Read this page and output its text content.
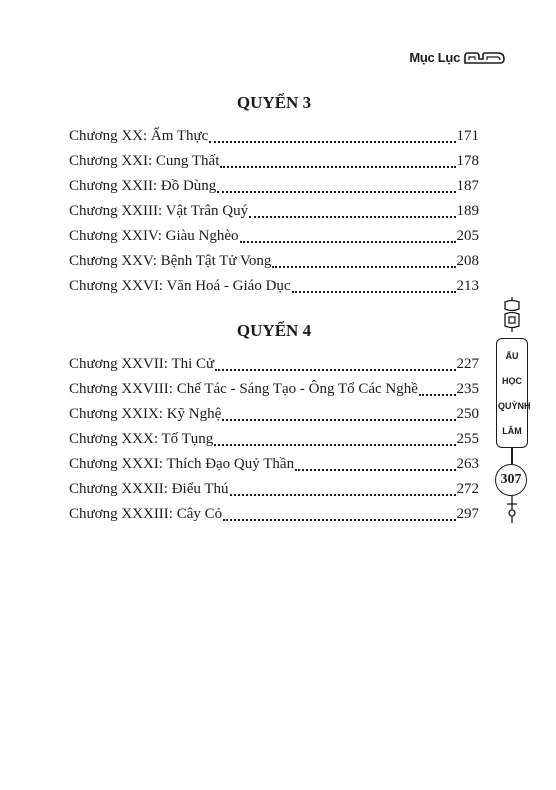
Mục Lục
QUYỂN 3
Chương XX: Ẩm Thực	171
Chương XXI: Cung Thất	178
Chương XXII: Đồ Dùng	187
Chương XXIII: Vật Trân Quý	189
Chương XXIV: Giàu Nghèo	205
Chương XXV: Bệnh Tật Tử Vong	208
Chương XXVI: Văn Hoá - Giáo Dục	213
QUYỂN 4
Chương XXVII: Thi Cử	227
Chương XXVIII: Chế Tác - Sáng Tạo - Ông Tổ Các Nghề	235
Chương XXIX: Kỹ Nghệ	250
Chương XXX: Tố Tụng	255
Chương XXXI: Thích Đạo Quỷ Thần	263
Chương XXXII: Điểu Thú	272
Chương XXXIII: Cây Cỏ	297
ẤU
HỌC
QUỲNH
LÂM
307
